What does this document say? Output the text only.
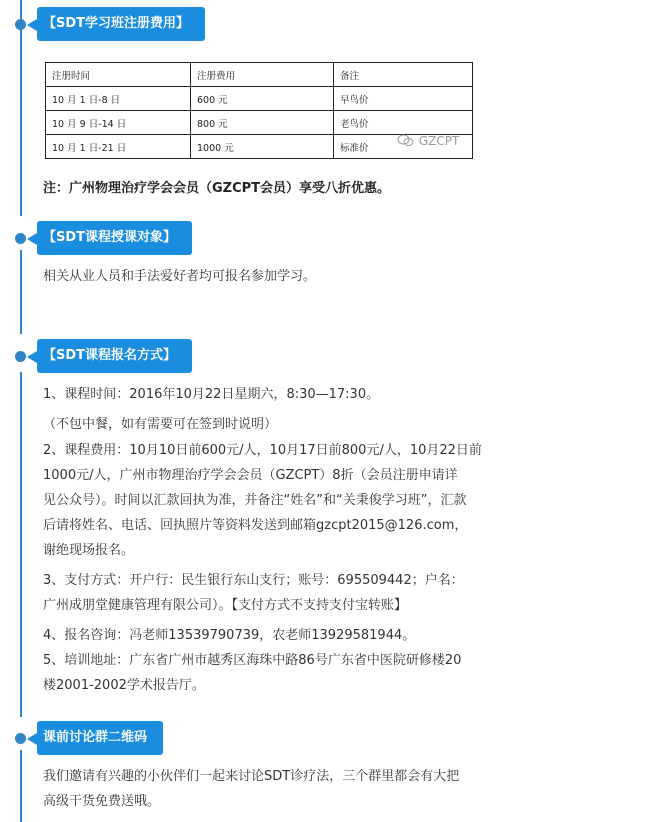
【SDT学习班注册费用】
注册时间	注册费用	备注
10 月 1 日-8 日	600 元	早鸟价
10 月 9 日-14 日	800 元	老鸟价
10 月 1 日-21 日	1000 元	标准价	GZCPT
注：广州物理治疗学会会员（GZCPT会员）享受八折优惠。
【SDT课程授课对象】
相关从业人员和手法爱好者均可报名参加学习。
【SDT课程报名方式】
1、课程时间：2016年10月22日星期六，8:30—17:30。
（不包中餐，如有需要可在签到时说明）
2、课程费用：10月10日前600元/人，10月17日前800元/人，10月22日前
1000元/人，广州市物理治疗学会会员（GZCPT）8折（会员注册申请详
见公众号）。时间以汇款回执为准，并备注“姓名”和“关秉俊学习班”，汇款
后请将姓名、电话、回执照片等资料发送到邮箱gzcpt2015@126.com，
谢绝现场报名。
3、支付方式：开户行：民生银行东山支行；账号：695509442；户名：
广州成朋堂健康管理有限公司）。【支付方式不支持支付宝转账】
4、报名咨询：冯老师13539790739，农老师13929581944。
5、培训地址：广东省广州市越秀区海珠中路86号广东省中医院研修楼20
楼2001-2002学术报告厅。
课前讨论群二维码
我们邀请有兴趣的小伙伴们一起来讨论SDT诊疗法，三个群里都会有大把
高级干货免费送哦。
